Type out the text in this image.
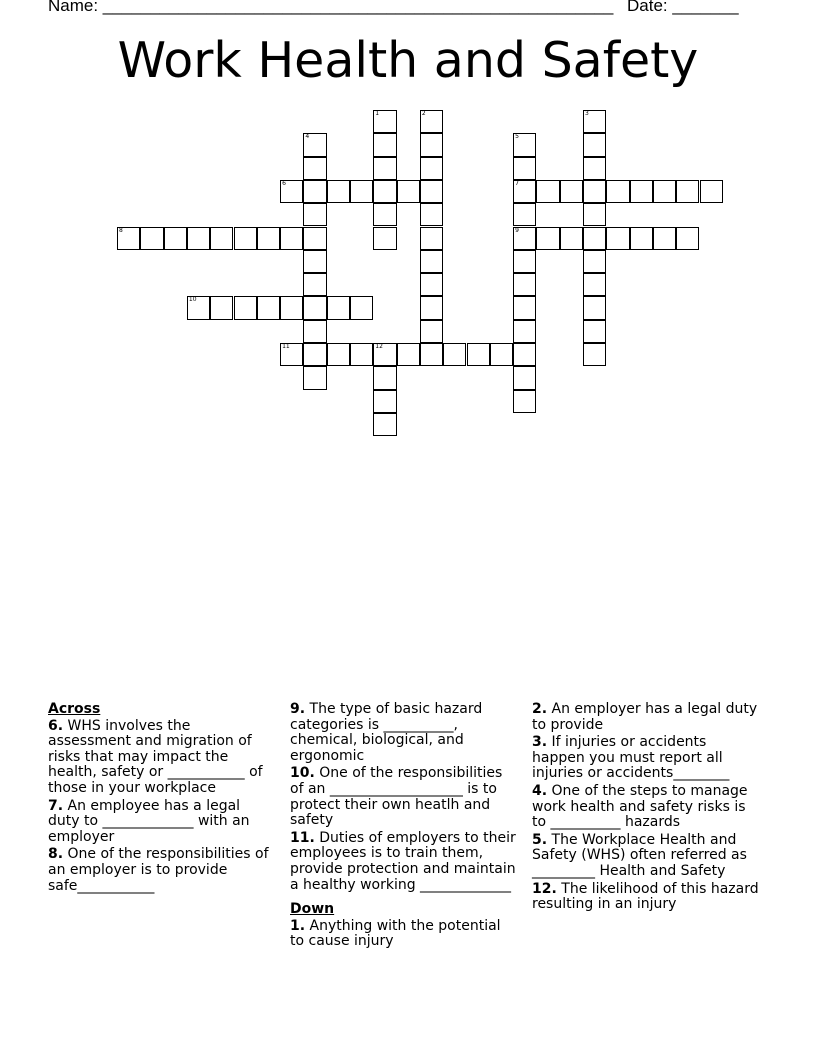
Name: ______________________________________________________ Date: _______
Work Health and Safety
1	2	3
4	5
7
9
6
8
10
11	12
Across
6. WHS involves the assessment and migration of risks that may impact the health, safety or ___________ of those in your workplace
7. An employee has a legal duty to _____________ with an employer
8. One of the responsibilities of an employer is to provide safe___________
9. The type of basic hazard categories is __________, chemical, biological, and ergonomic
10. One of the responsibilities of an ___________________ is to protect their own heatlh and safety
11. Duties of employers to their employees is to train them, provide protection and maintain a healthy working _____________
Down
1. Anything with the potential to cause injury
2. An employer has a legal duty to provide
3. If injuries or accidents happen you must report all injuries or accidents________
4. One of the steps to manage work health and safety risks is to __________ hazards
5. The Workplace Health and Safety (WHS) often referred as _________ Health and Safety
12. The likelihood of this hazard resulting in an injury
